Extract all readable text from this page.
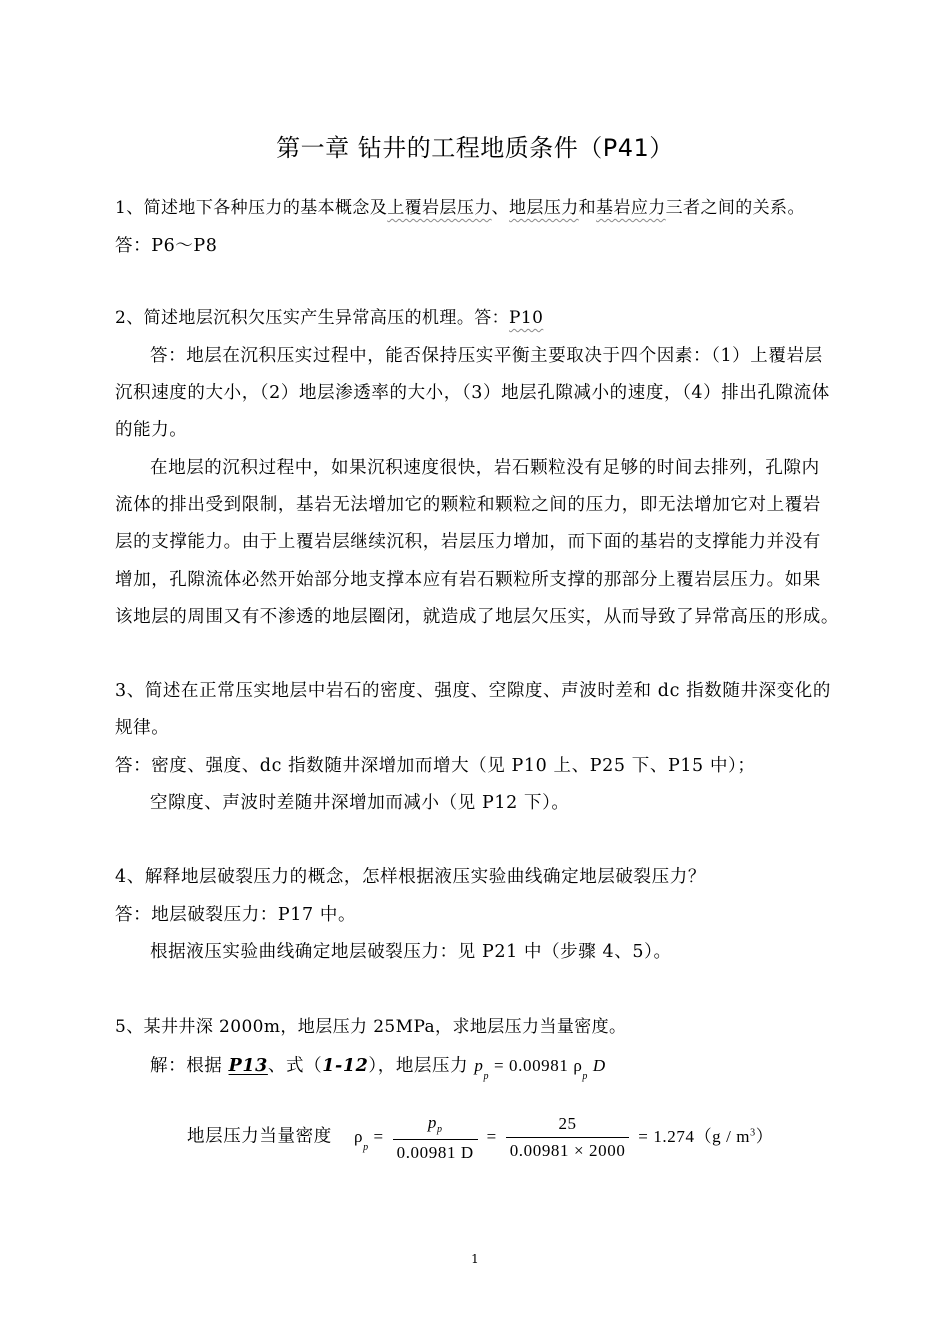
第一章 钻井的工程地质条件（P41）
1、简述地下各种压力的基本概念及上覆岩层压力、地层压力和基岩应力三者之间的关系。
答：P6～P8
2、简述地层沉积欠压实产生异常高压的机理。答：P10
答：地层在沉积压实过程中，能否保持压实平衡主要取决于四个因素：（1）上覆岩层
沉积速度的大小，（2）地层渗透率的大小，（3）地层孔隙减小的速度，（4）排出孔隙流体
的能力。
在地层的沉积过程中，如果沉积速度很快，岩石颗粒没有足够的时间去排列，孔隙内
流体的排出受到限制，基岩无法增加它的颗粒和颗粒之间的压力，即无法增加它对上覆岩
层的支撑能力。由于上覆岩层继续沉积，岩层压力增加，而下面的基岩的支撑能力并没有
增加，孔隙流体必然开始部分地支撑本应有岩石颗粒所支撑的那部分上覆岩层压力。如果
该地层的周围又有不渗透的地层圈闭，就造成了地层欠压实，从而导致了异常高压的形成。
3、简述在正常压实地层中岩石的密度、强度、空隙度、声波时差和 dc 指数随井深变化的
规律。
答：密度、强度、dc 指数随井深增加而增大（见 P10 上、P25 下、P15 中）；
空隙度、声波时差随井深增加而减小（见 P12 下）。
4、解释地层破裂压力的概念，怎样根据液压实验曲线确定地层破裂压力？
答：地层破裂压力：P17 中。
根据液压实验曲线确定地层破裂压力：见 P21 中（步骤 4、5）。
5、某井井深 2000m，地层压力 25MPa，求地层压力当量密度。
解：根据 P13、式（1-12），地层压力 $p_p = 0.00981$ $\rho_p$ D
地层压力当量密度 $\rho_p = \frac{p_p}{0.00981 D} = \frac{25}{0.00981 \times 2000} = 1.274(g / m^3)$
1
